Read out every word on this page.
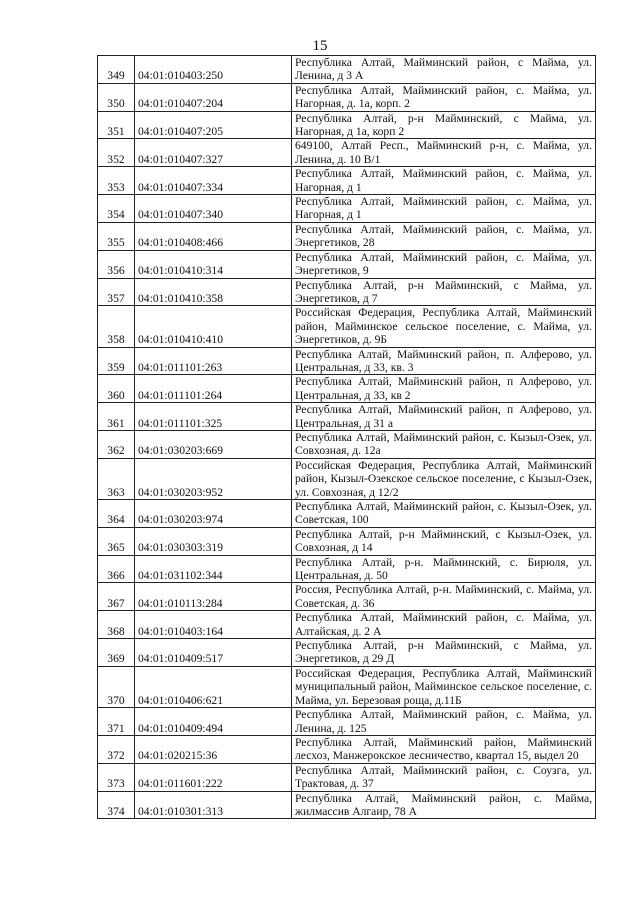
15
349	04:01:010403:250	Республика Алтай, Майминский район, с Майма, ул. Ленина, д 3 А
350	04:01:010407:204	Республика Алтай, Майминский район, с. Майма, ул. Нагорная, д. 1а, корп. 2
351	04:01:010407:205	Республика Алтай, р-н Майминский, с Майма, ул. Нагорная, д 1а, корп 2
352	04:01:010407:327	649100, Алтай Респ., Майминский р-н, с. Майма, ул. Ленина, д. 10 В/1
353	04:01:010407:334	Республика Алтай, Майминский район, с. Майма, ул. Нагорная, д 1
354	04:01:010407:340	Республика Алтай, Майминский район, с. Майма, ул. Нагорная, д 1
355	04:01:010408:466	Республика Алтай, Майминский район, с. Майма, ул. Энергетиков, 28
356	04:01:010410:314	Республика Алтай, Майминский район, с. Майма, ул. Энергетиков, 9
357	04:01:010410:358	Республика Алтай, р-н Майминский, с Майма, ул. Энергетиков, д 7
358	04:01:010410:410	Российская Федерация, Республика Алтай, Майминский район, Майминское сельское поселение, с. Майма, ул. Энергетиков, д. 9Б
359	04:01:011101:263	Республика Алтай, Майминский район, п. Алферово, ул. Центральная, д 33, кв. 3
360	04:01:011101:264	Республика Алтай, Майминский район, п Алферово, ул. Центральная, д 33, кв 2
361	04:01:011101:325	Республика Алтай, Майминский район, п Алферово, ул. Центральная, д 31 а
362	04:01:030203:669	Республика Алтай, Майминский район, с. Кызыл-Озек, ул. Совхозная, д. 12а
363	04:01:030203:952	Российская Федерация, Республика Алтай, Майминский район, Кызыл-Озекское сельское поселение, с Кызыл-Озек, ул. Совхозная, д 12/2
364	04:01:030203:974	Республика Алтай, Майминский район, с. Кызыл-Озек, ул. Советская, 100
365	04:01:030303:319	Республика Алтай, р-н Майминский, с Кызыл-Озек, ул. Совхозная, д 14
366	04:01:031102:344	Республика Алтай, р-н. Майминский, с. Бирюля, ул. Центральная, д. 50
367	04:01:010113:284	Россия, Республика Алтай, р-н. Майминский, с. Майма, ул. Советская, д. 36
368	04:01:010403:164	Республика Алтай, Майминский район, с. Майма, ул. Алтайская, д. 2 А
369	04:01:010409:517	Республика Алтай, р-н Майминский, с Майма, ул. Энергетиков, д 29 Д
370	04:01:010406:621	Российская Федерация, Республика Алтай, Майминский муниципальный район, Майминское сельское поселение, с. Майма, ул. Березовая роща, д.11Б
371	04:01:010409:494	Республика Алтай, Майминский район, с. Майма, ул. Ленина, д. 125
372	04:01:020215:36	Республика Алтай, Майминский район, Майминский лесхоз, Манжерокское лесничество, квартал 15, выдел 20
373	04:01:011601:222	Республика Алтай, Майминский район, с. Соузга, ул. Трактовая, д. 37
374	04:01:010301:313	Республика Алтай, Майминский район, с. Майма, жилмассив Алгаир, 78 А
